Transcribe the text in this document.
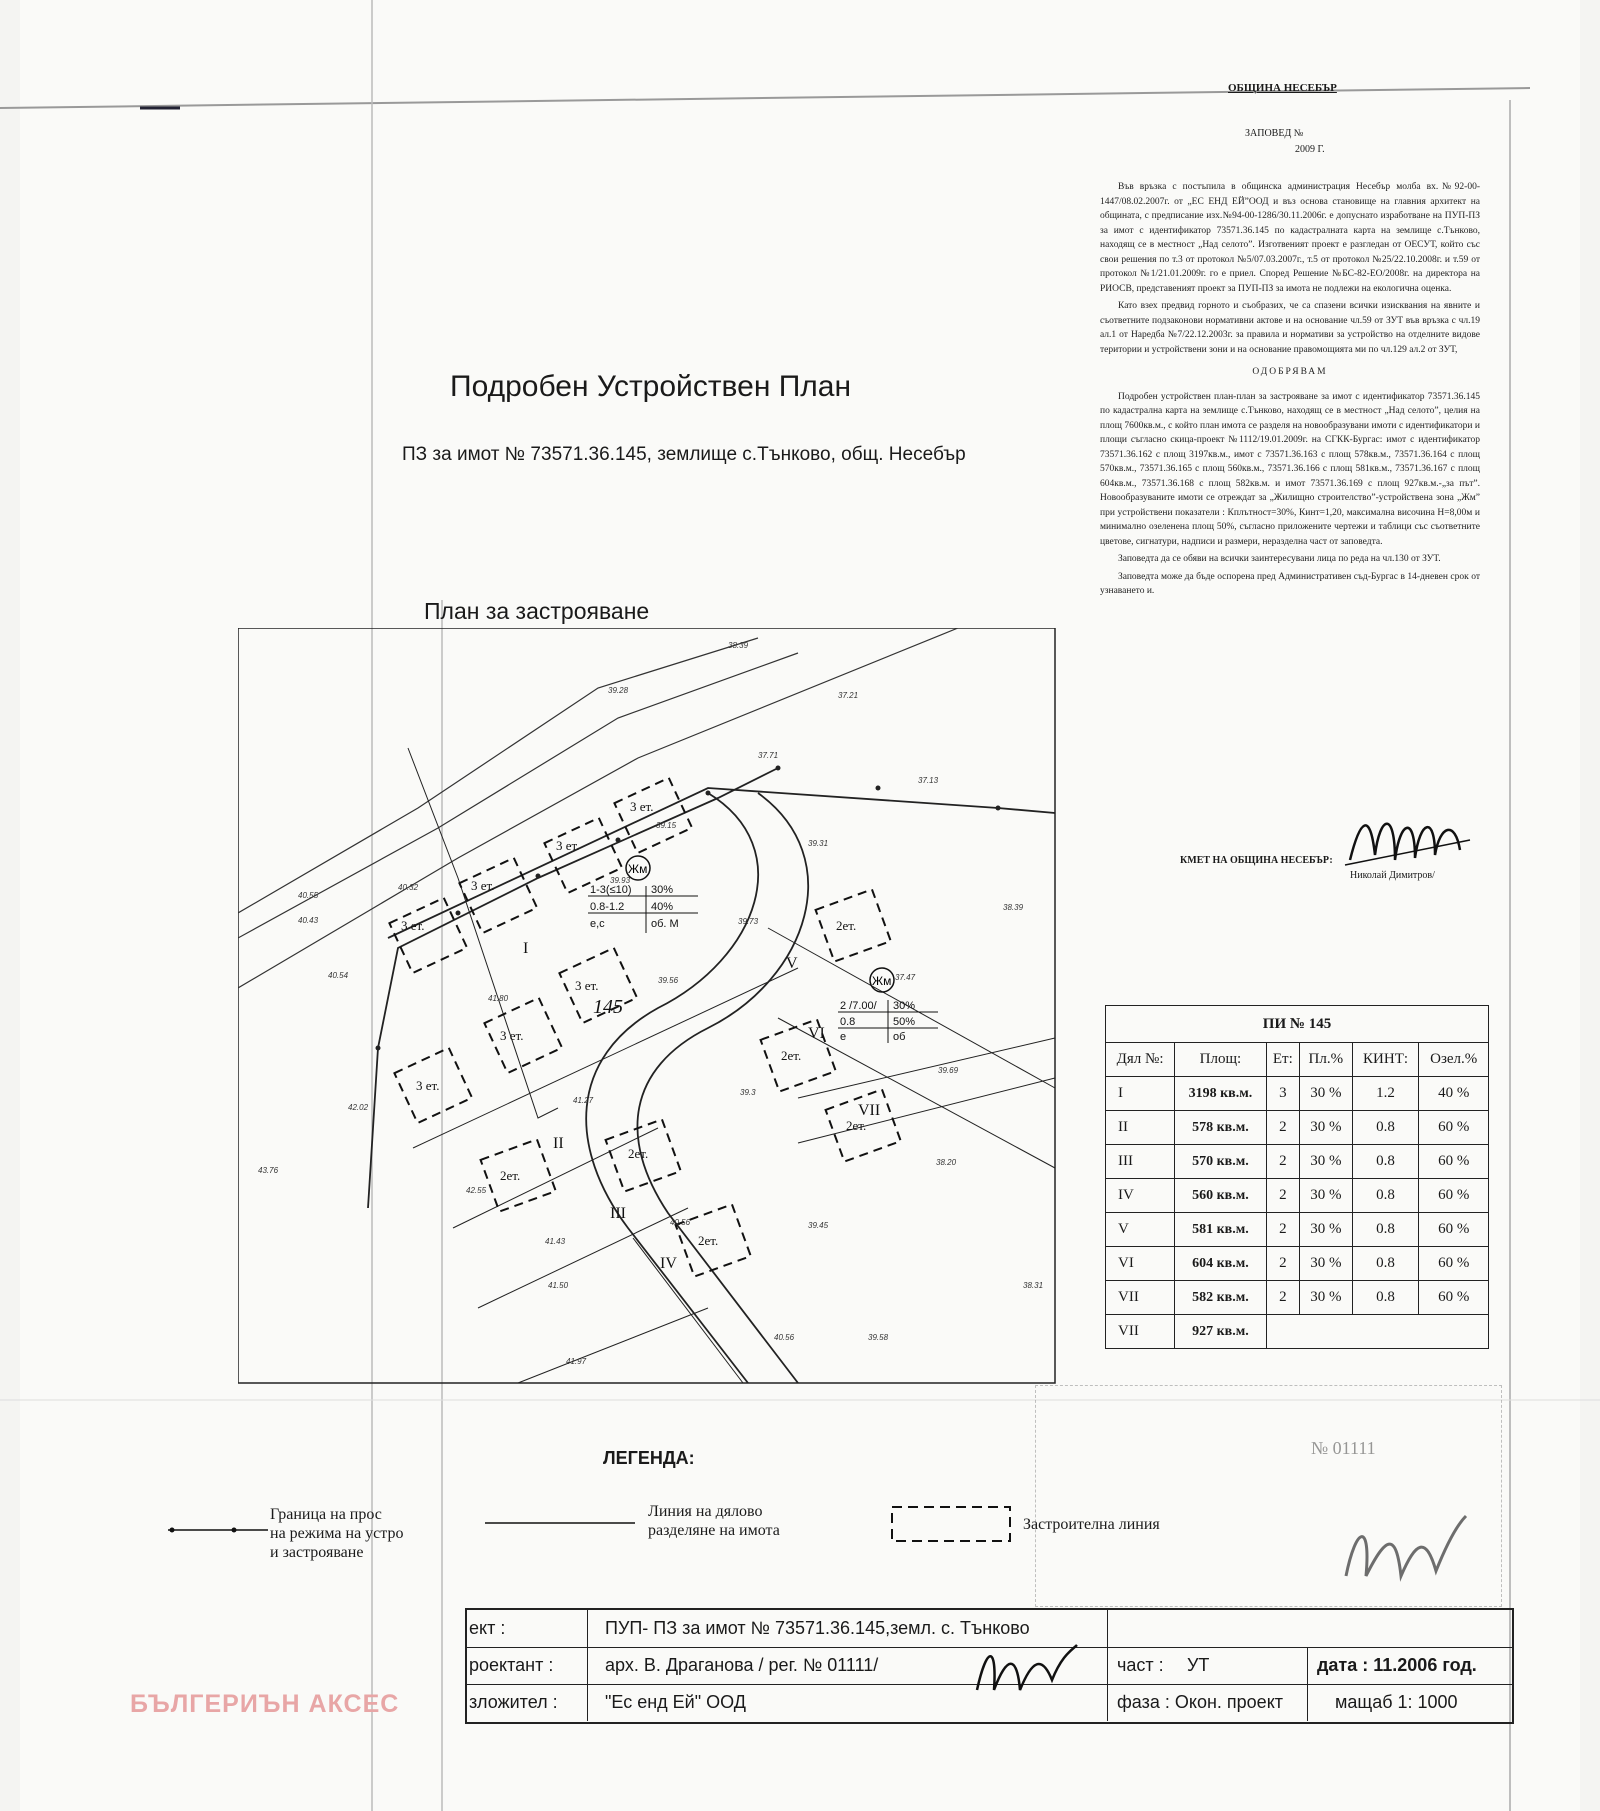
ОБЩИНА НЕСЕБЪР
ЗАПОВЕД №
2009 Г.

Във връзка с постъпила в общинска администрация Несебър молба вх.№92-00-1447/08.02.2007г. от „ЕС ЕНД ЕЙ”ООД и въз основа становище на главния архитект на общината, с предписание изх.№94-00-1286/30.11.2006г. е допуснато изработване на ПУП-ПЗ за имот с идентификатор 73571.36.145 по кадастралната карта на землище с.Тънково, находящ се в местност „Над селото”. Изготвеният проект е разгледан от ОЕСУТ, който със свои решения по т.3 от протокол №5/07.03.2007г., т.5 от протокол №25/22.10.2008г. и т.59 от протокол №1/21.01.2009г. го е приел. Според Решение №БС-82-ЕО/2008г. на директора на РИОСВ, представеният проект за ПУП-ПЗ за имота не подлежи на екологична оценка.

Като взех предвид горното и съобразих, че са спазени всички изисквания на явните и съответните подзаконови нормативни актове и на основание чл.59 от ЗУТ във връзка с чл.19 ал.1 от Наредба №7/22.12.2003г. за правила и нормативи за устройство на отделните видове територии и устройствени зони и на основание правомощията ми по чл.129 ал.2 от ЗУТ,

ОДОБРЯВАМ

Подробен устройствен план-план за застрояване за имот с идентификатор 73571.36.145 по кадастрална карта на землище с.Тънково, находящ се в местност „Над селото”, целия на площ 7600кв.м., с който план имота се разделя на новообразувани имоти с идентификатори и площи съгласно скица-проект №1112/19.01.2009г. на СГКК-Бургас: имот с идентификатор 73571.36.162 с площ 3197кв.м., имот с 73571.36.163 с площ 578кв.м., 73571.36.164 с площ 570кв.м., 73571.36.165 с площ 560кв.м., 73571.36.166 с площ 581кв.м., 73571.36.167 с площ 604кв.м., 73571.36.168 с площ 582кв.м. и имот 73571.36.169 с площ 927кв.м.-„за път”. Новообразуваните имоти се отреждат за „Жилищно строителство”-устройствена зона „Жм” при устройствени показатели : Кплътност=30%, Кинт=1,20, максимална височина Н=8,00м и минимално озеленена площ 50%, съгласно приложените чертежи и таблици със съответните цветове, сигнатури, надписи и размери, неразделна част от заповедта.

Заповедта да се обяви на всички заинтересувани лица по реда на чл.130 от ЗУТ.

Заповедта може да бъде оспорена пред Административен съд-Бургас в 14-дневен срок от узнаването и.

КМЕТ НА ОБЩИНА НЕСЕБЪР:
Николай Димитров/
Подробен Устройствен План
ПЗ за имот № 73571.36.145, землище с.Тънково, общ. Несебър
План за застрояване
3 ет.
3 ет.
3 ет.
3 ет.
3 ет.
3 ет.
3 ет.
2ет.
2ет.
2ет.
2ет.
2ет.
2ет.
I
II
III
IV
V
VI
VII
145
Жм
Жм
1-3(≤10) 30%
0.8-1.2 40%
е,с	об. М
2 /7.00/ 30%
0.8	50%
е	об
38.39
39.28
37.21
37.71
37.13
39.15
39.93
39.31
40.32
40.43
40.55
38.39
39.73
39.56
41.80
37.47
40.54
39.69
39.3
41.27
42.02
38.20
41.43
40.56	39.45
43.76
41.50	38.31
40.56	39.58
41.97
42.55
ПИ № 145					
Дял №:	Площ:	Ет:	Пл.%	КИНТ:	Озел.%
I	3198 кв.м.	3	30 %	1.2	40 %
II	578 кв.м.	2	30 %	0.8	60 %
III	570 кв.м.	2	30 %	0.8	60 %
IV	560 кв.м.	2	30 %	0.8	60 %
V	581 кв.м.	2	30 %	0.8	60 %
VI	604 кв.м.	2	30 %	0.8	60 %
VII	582 кв.м.	2	30 %	0.8	60 %
VII	927 кв.м.				
№ 01111
ЛЕГЕНДА:
Граница на прос
на режима на устро
и застрояване
Линия на дялово
разделяне на имота	Застроителна линия
ект :	ПУП- ПЗ за имот № 73571.36.145,земл. с. Тънково
роектант :	арх. В. Драганова / рег. № 01111/	част : УТ	дата : 11.2006 год.
зложител :	"Ес енд Ей" ООД	фаза : Окон. проект	мащаб 1: 1000
БЪЛГЕРИЪН АКСЕС
